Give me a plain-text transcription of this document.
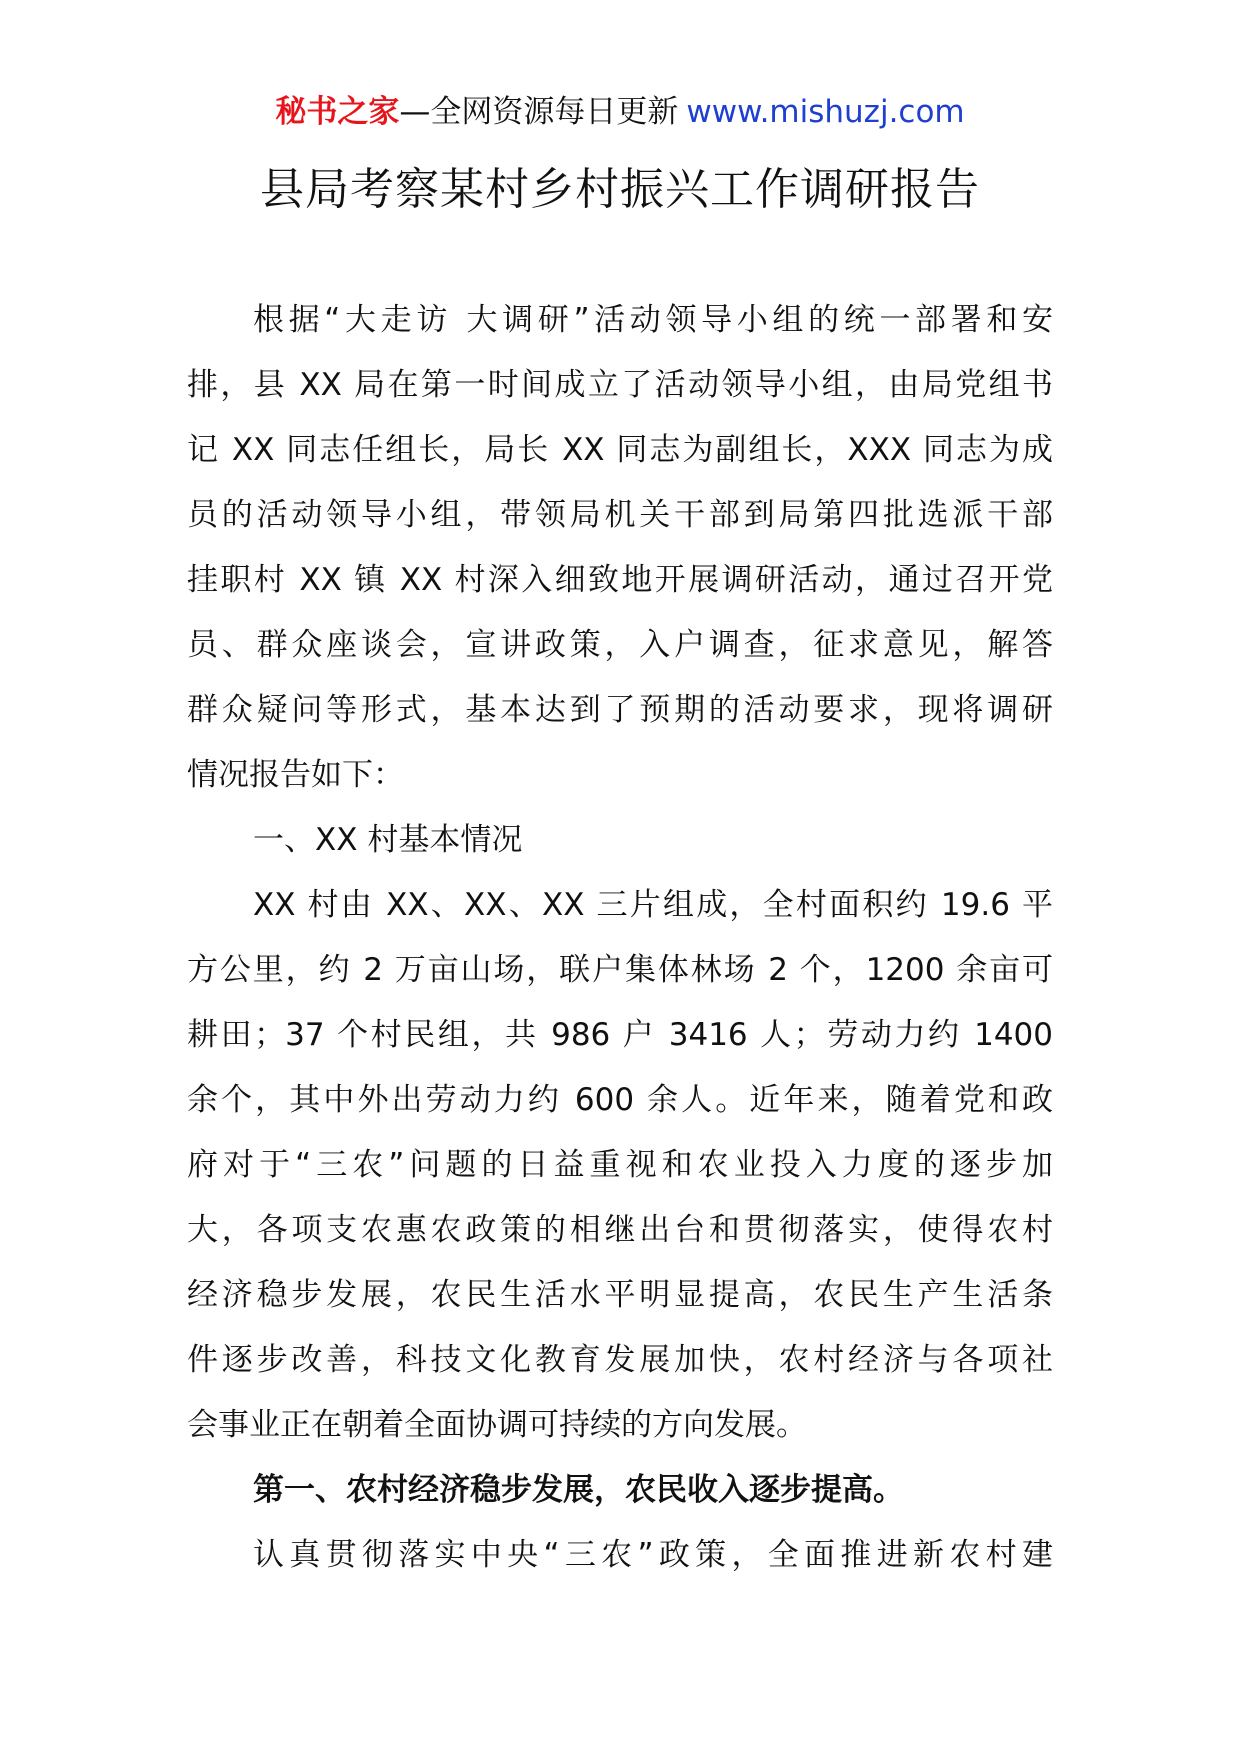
秘书之家—全网资源每日更新 www.mishuzj.com
县局考察某村乡村振兴工作调研报告
根据“大走访 大调研”活动领导小组的统一部署和安
排，县 XX 局在第一时间成立了活动领导小组，由局党组书
记 XX 同志任组长，局长 XX 同志为副组长，XXX 同志为成
员的活动领导小组，带领局机关干部到局第四批选派干部
挂职村 XX 镇 XX 村深入细致地开展调研活动，通过召开党
员、群众座谈会，宣讲政策，入户调查，征求意见，解答
群众疑问等形式，基本达到了预期的活动要求，现将调研
情况报告如下：
一、XX 村基本情况
XX 村由 XX、XX、XX 三片组成，全村面积约 19.6 平
方公里，约 2 万亩山场，联户集体林场 2 个，1200 余亩可
耕田；37 个村民组，共 986 户 3416 人；劳动力约 1400
余个，其中外出劳动力约 600 余人。近年来，随着党和政
府对于“三农”问题的日益重视和农业投入力度的逐步加
大，各项支农惠农政策的相继出台和贯彻落实，使得农村
经济稳步发展，农民生活水平明显提高，农民生产生活条
件逐步改善，科技文化教育发展加快，农村经济与各项社
会事业正在朝着全面协调可持续的方向发展。
第一、农村经济稳步发展，农民收入逐步提高。
认真贯彻落实中央“三农”政策，全面推进新农村建
